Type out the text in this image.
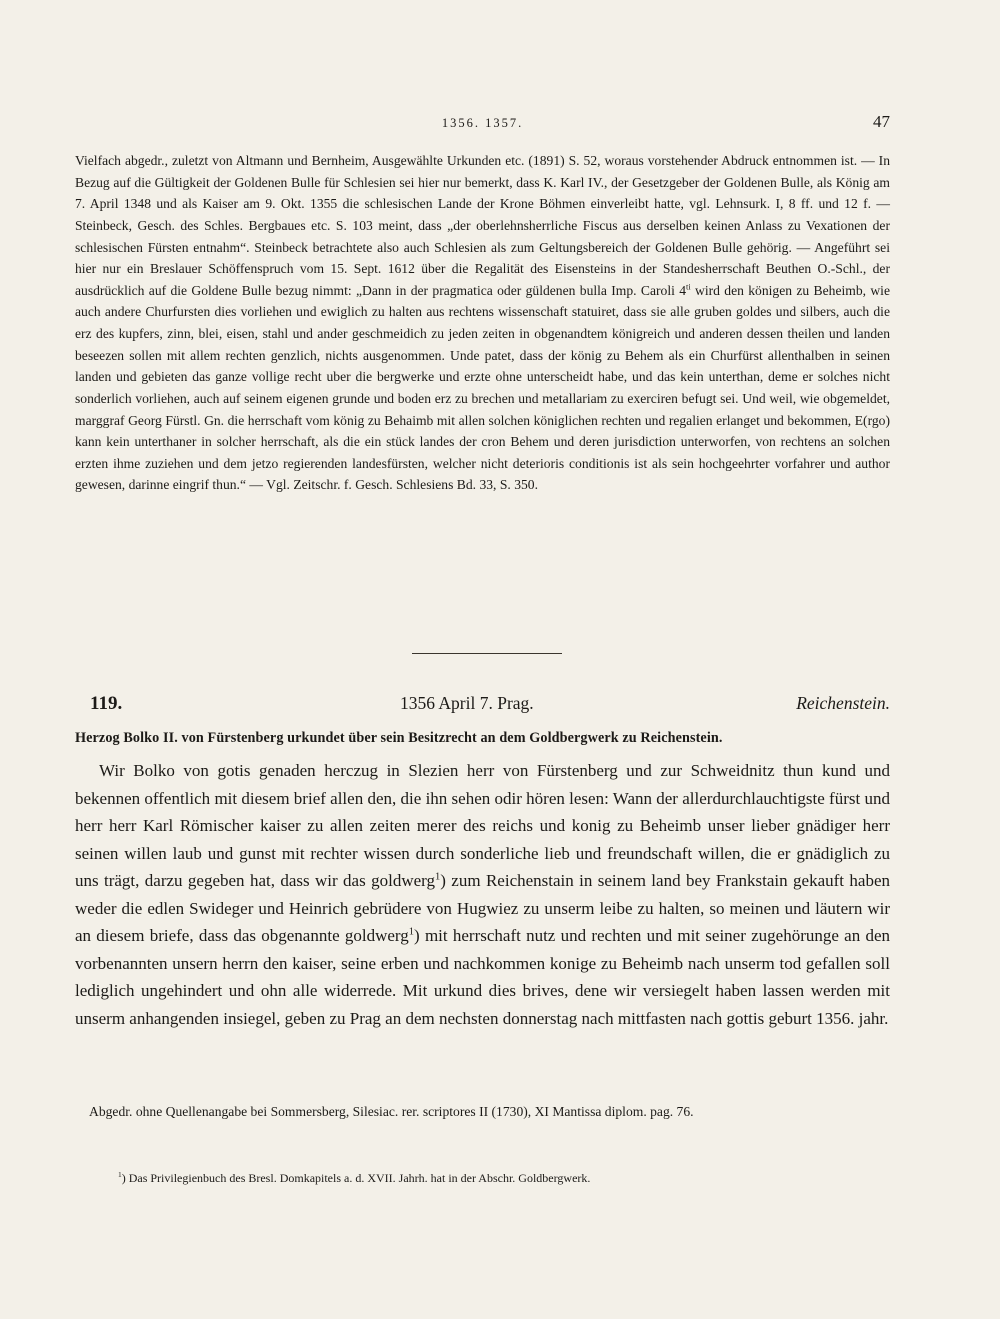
1356. 1357.	47

Vielfach abgedr., zuletzt von Altmann und Bernheim, Ausgewählte Urkunden etc. (1891) S. 52, woraus vorstehender Abdruck entnommen ist. — In Bezug auf die Gültigkeit der Goldenen Bulle für Schlesien sei hier nur bemerkt, dass K. Karl IV., der Gesetzgeber der Goldenen Bulle, als König am 7. April 1348 und als Kaiser am 9. Okt. 1355 die schlesischen Lande der Krone Böhmen einverleibt hatte, vgl. Lehnsurk. I, 8 ff. und 12 f. — Steinbeck, Gesch. des Schles. Bergbaues etc. S. 103 meint, dass „der oberlehnsherrliche Fiscus aus derselben keinen Anlass zu Vexationen der schlesischen Fürsten entnahm“. Steinbeck betrachtete also auch Schlesien als zum Geltungsbereich der Goldenen Bulle gehörig. — Angeführt sei hier nur ein Breslauer Schöffenspruch vom 15. Sept. 1612 über die Regalität des Eisensteins in der Standesherrschaft Beuthen O.-Schl., der ausdrücklich auf die Goldene Bulle bezug nimmt: „Dann in der pragmatica oder güldenen bulla Imp. Caroli $4^{ti}$ wird den königen zu Beheimb, wie auch andere Churfursten dies vorliehen und ewiglich zu halten aus rechtens wissenschaft statuiret, dass sie alle gruben goldes und silbers, auch die erz des kupfers, zinn, blei, eisen, stahl und ander geschmeidich zu jeden zeiten in obgenandtem königreich und anderen dessen theilen und landen beseezen sollen mit allem rechten genzlich, nichts ausgenommen. Unde patet, dass der könig zu Behem als ein Churfürst allenthalben in seinen landen und gebieten das ganze vollige recht uber die bergwerke und erzte ohne unterscheidt habe, und das kein unterthan, deme er solches nicht sonderlich vorliehen, auch auf seinem eigenen grunde und boden erz zu brechen und metallariam zu exerciren befugt sei. Und weil, wie obgemeldet, marggraf Georg Fürstl. Gn. die herrschaft vom könig zu Behaimb mit allen solchen königlichen rechten und regalien erlanget und bekommen, E(rgo) kann kein unterthaner in solcher herrschaft, als die ein stück landes der cron Behem und deren jurisdiction unterworfen, von rechtens an solchen erzten ihme zuziehen und dem jetzo regierenden landesfürsten, welcher nicht deterioris conditionis ist als sein hochgeehrter vorfahrer und author gewesen, darinne eingrif thun.“ — Vgl. Zeitschr. f. Gesch. Schlesiens Bd. 33, S. 350.

119.	1356 April 7. Prag.	Reichenstein.
Herzog Bolko II. von Fürstenberg urkundet über sein Besitzrecht an dem Goldbergwerk zu Reichenstein.

Wir Bolko von gotis genaden herczug in Slezien herr von Fürstenberg und zur Schweidnitz thun kund und bekennen offentlich mit diesem brief allen den, die ihn sehen odir hören lesen: Wann der allerdurchlauchtigste fürst und herr herr Karl Römischer kaiser zu allen zeiten merer des reichs und konig zu Beheimb unser lieber gnädiger herr seinen willen laub und gunst mit rechter wissen durch sonderliche lieb und freundschaft willen, die er gnädiglich zu uns trägt, darzu gegeben hat, dass wir das goldwerg$^1$) zum Reichenstain in seinem land bey Frankstain gekauft haben weder die edlen Swideger und Heinrich gebrüdere von Hugwiez zu unserm leibe zu halten, so meinen und läutern wir an diesem briefe, dass das obgenannte goldwerg$^1$) mit herrschaft nutz und rechten und mit seiner zugehörunge an den vorbenannten unsern herrn den kaiser, seine erben und nachkommen konige zu Beheimb nach unserm tod gefallen soll lediglich ungehindert und ohn alle widerrede. Mit urkund dies brives, dene wir versiegelt haben lassen werden mit unserm anhangenden insiegel, geben zu Prag an dem nechsten donnerstag nach mittfasten nach gottis geburt 1356. jahr.

Abgedr. ohne Quellenangabe bei Sommersberg, Silesiac. rer. scriptores II (1730), XI Mantissa diplom. pag. 76.

$^1$) Das Privilegienbuch des Bresl. Domkapitels a. d. XVII. Jahrh. hat in der Abschr. Goldbergwerk.
